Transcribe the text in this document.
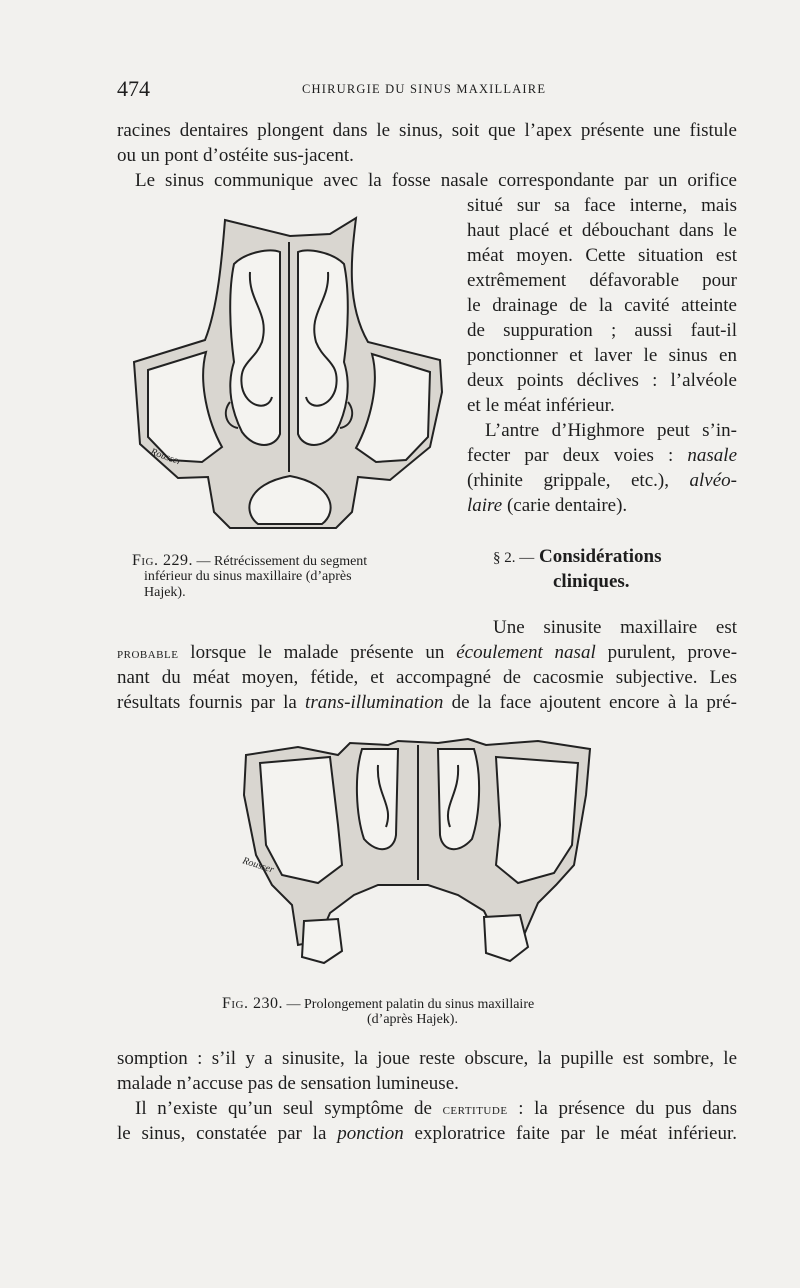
474	CHIRURGIE DU SINUS MAXILLAIRE
racines dentaires plongent dans le sinus, soit que l’apex présente une fistule
ou un pont d’ostéite sus-jacent.
Le sinus communique avec la fosse nasale correspondante par un orifice
situé sur sa face interne, mais
haut placé et débouchant dans le
méat moyen. Cette situation est
extrêmement défavorable pour
le drainage de la cavité atteinte
de suppuration ; aussi faut-il
ponctionner et laver le sinus en
deux points déclives : l’alvéole
et le méat inférieur.
L’antre d’Highmore peut s’in-
fecter par deux voies : nasale
(rhinite grippale, etc.), alvéo-
laire (carie dentaire).
Rousser
Fig. 229. — Rétrécissement du segment
inférieur du sinus maxillaire (d’après
Hajek).
§ 2. — Considérations
cliniques.
Une sinusite maxillaire est
probable lorsque le malade présente un écoulement nasal purulent, prove-
nant du méat moyen, fétide, et accompagné de cacosmie subjective. Les
résultats fournis par la trans-illumination de la face ajoutent encore à la pré-
Rousser
Fig. 230. — Prolongement palatin du sinus maxillaire
(d’après Hajek).
somption : s’il y a sinusite, la joue reste obscure, la pupille est sombre, le
malade n’accuse pas de sensation lumineuse.
Il n’existe qu’un seul symptôme de certitude : la présence du pus dans
le sinus, constatée par la ponction exploratrice faite par le méat inférieur.
